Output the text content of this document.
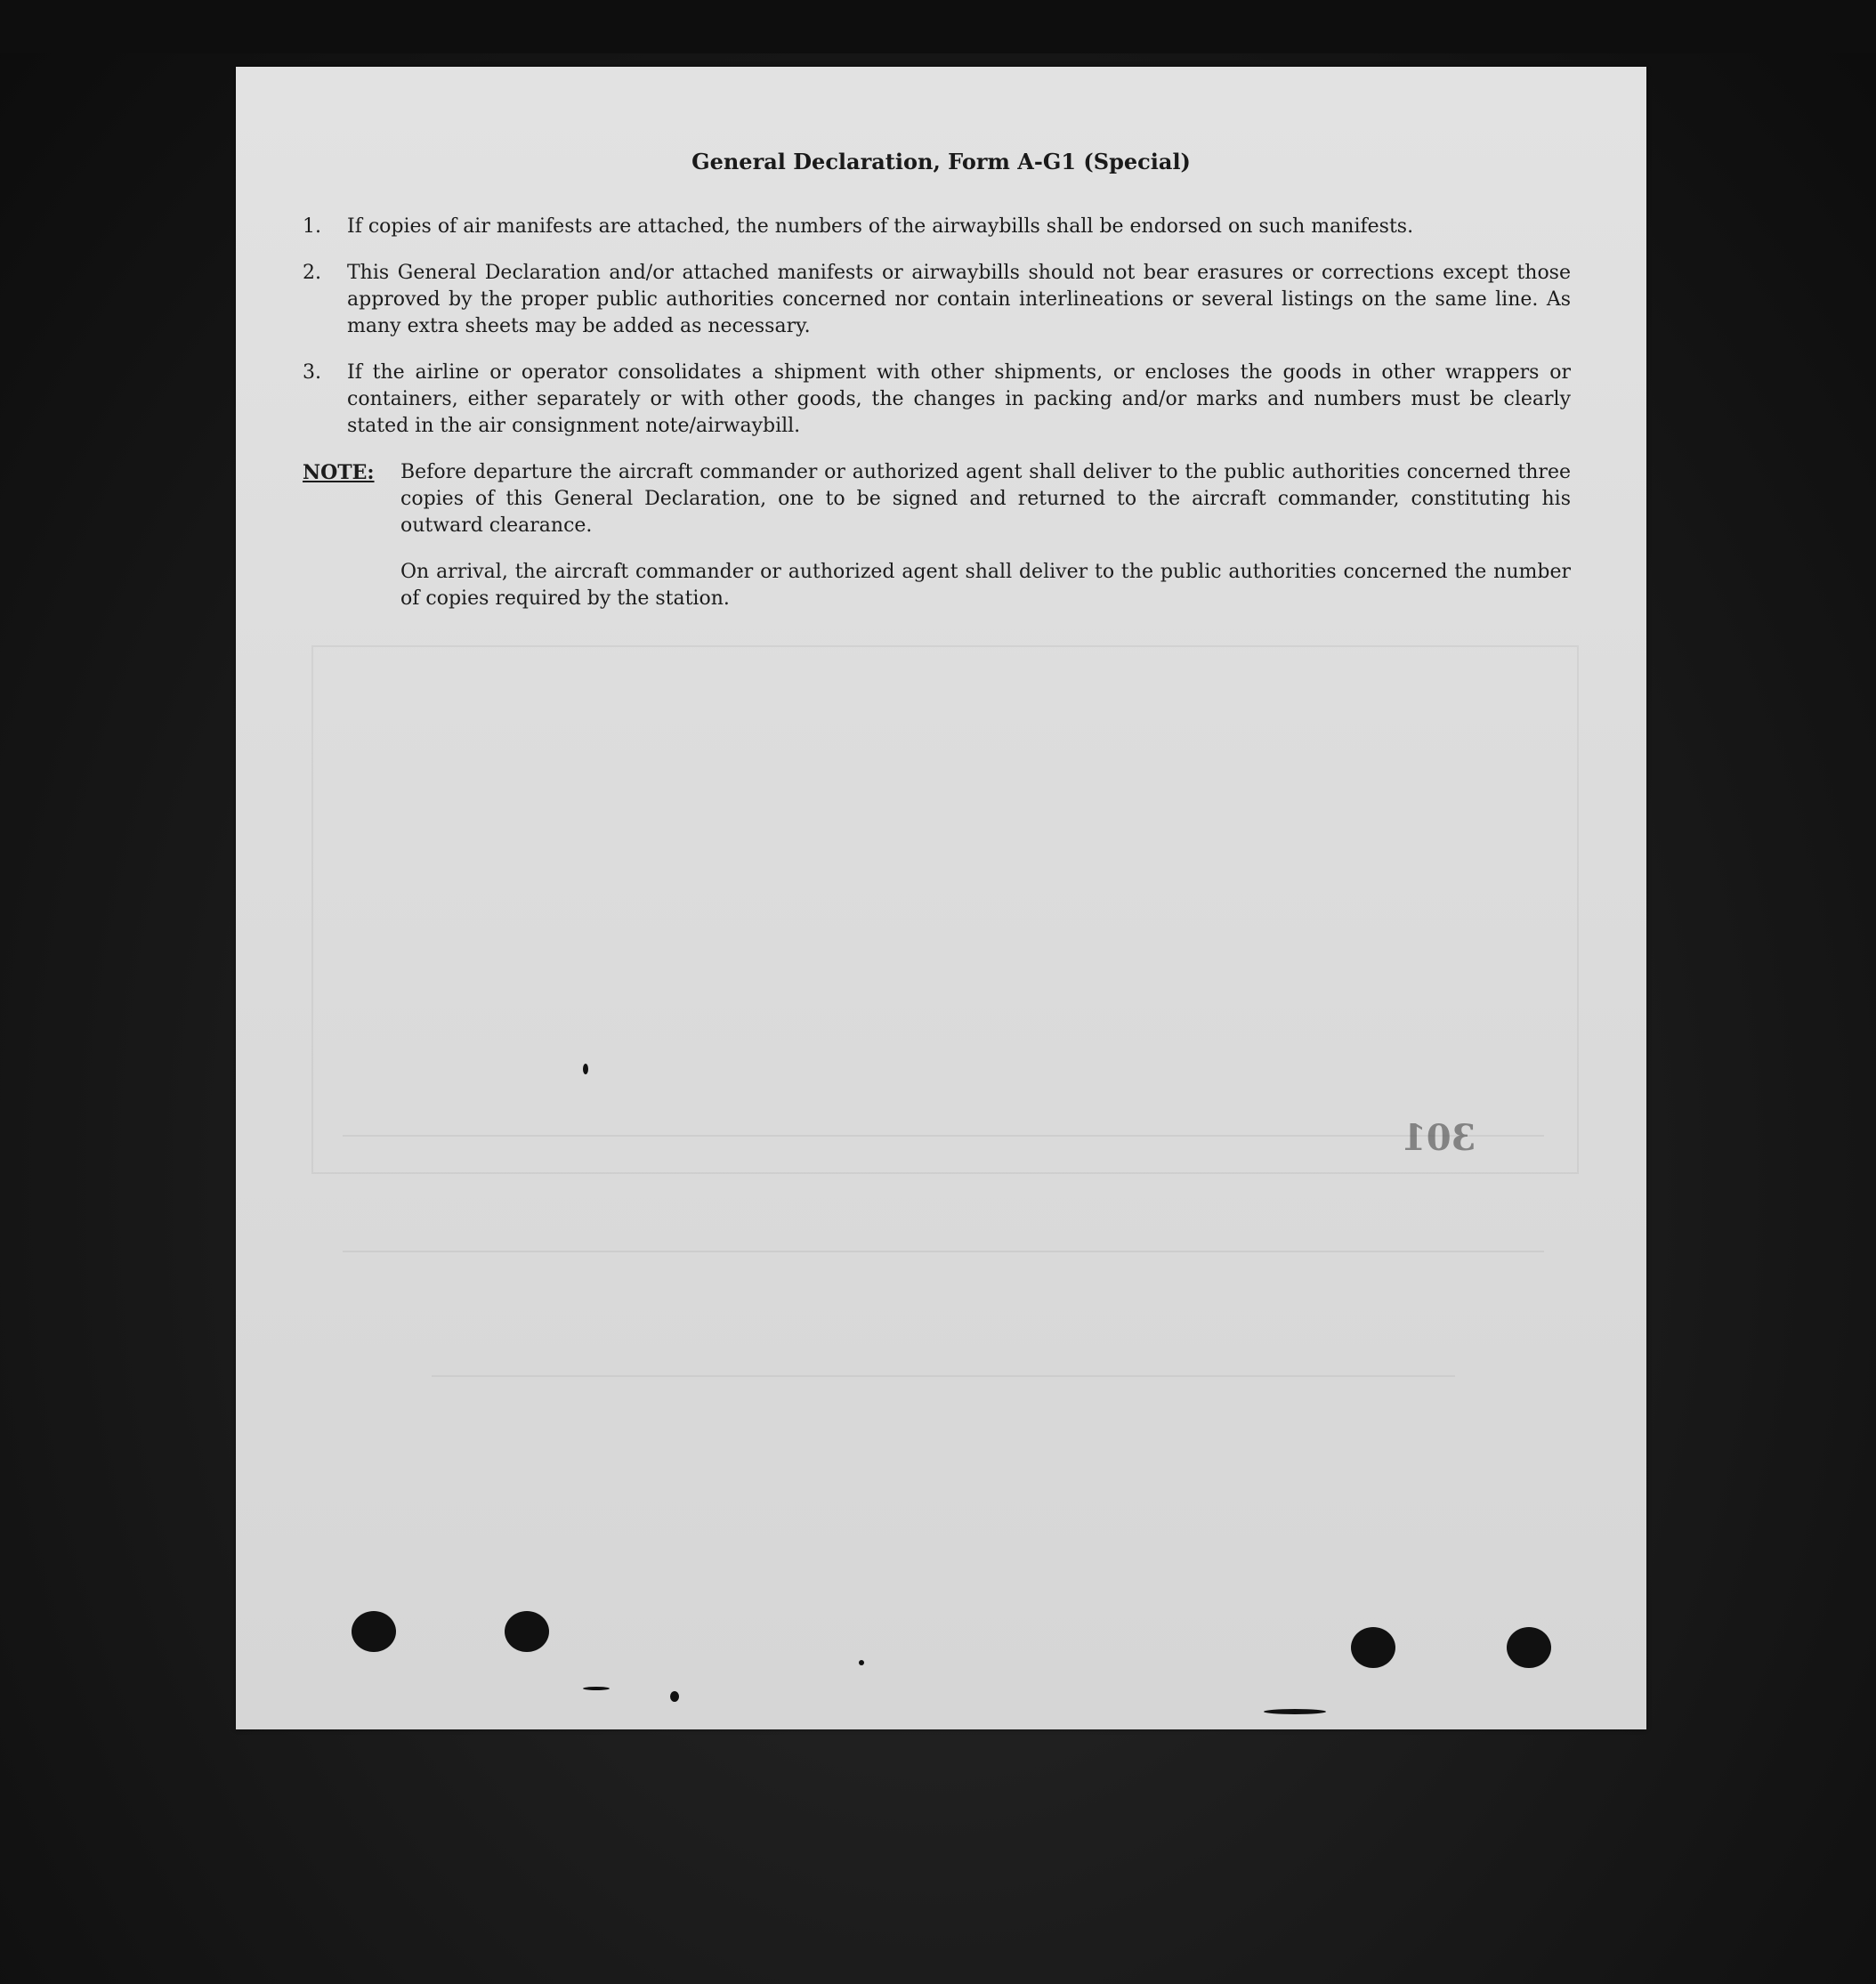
301
General Declaration, Form A-G1 (Special)
1.	If copies of air manifests are attached, the numbers of the airwaybills shall be endorsed on such manifests.
2.	This General Declaration and/or attached manifests or airwaybills should not bear erasures or corrections except those approved by the proper public authorities concerned nor contain interlineations or several listings on the same line. As many extra sheets may be added as necessary.
3.	If the airline or operator consolidates a shipment with other shipments, or encloses the goods in other wrappers or containers, either separately or with other goods, the changes in packing and/or marks and numbers must be clearly stated in the air consignment note/airwaybill.
NOTE:	Before departure the aircraft commander or authorized agent shall deliver to the public authorities concerned three copies of this General Declaration, one to be signed and returned to the aircraft commander, constituting his outward clearance.

On arrival, the aircraft commander or authorized agent shall deliver to the public authorities concerned the number of copies required by the station.
